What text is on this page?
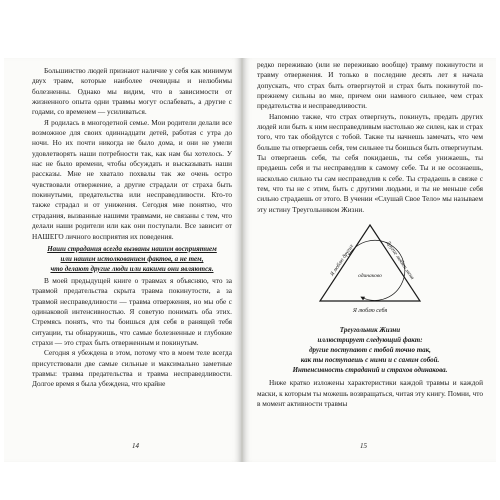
Большинство людей признают наличие у себя как минимум двух травм, которые наиболее очевидны и нелюбимы болезненны. Однако мы видим, что в зависимости от жизненного опыта одни травмы могут ослабевать, а другие с годами, со временем — усиливаться.

Я родилась в многодетной семье. Мои родители делали все возможное для своих одиннадцати детей, работая с утра до ночи. Но их почти никогда не было дома, и они не умели удовлетворять наши потребности так, как нам бы хотелось. У нас не было времени, чтобы обсуждать и высказывать наши рассказы. Мне не хватало похвалы так же очень остро чувствовали отвержение, а другие страдали от страха быть покинутыми, предательства или несправедливости. Кто-то также страдал и от унижения. Сегодня мне понятно, что страдания, вызванные нашими травмами, не связаны с тем, что делали наши родители или как они поступали. Все зависит от НАШЕГО личного восприятия их поведения.

Наши страдания всегда вызваны нашим восприятием
или нашим истолкованием фактов, а не тем,
что делают другие люди или какими они являются.

В моей предыдущей книге о травмах я объясняю, что за травмой предательства скрыта травма покинутости, а за травмой несправедливости — травма отвержения, но мы обе с одинаковой интенсивностью. Я советую понимать оба этих. Стремясь понять, что ты боишься для себя в ранящей тебя ситуации, ты обнаружишь, что самые болезненные и глубокие страхи — это страх быть отверженным и покинутым.

Сегодня я убеждена в этом, потому что в моем теле всегда присутствовали две самые сильные и максимально заметные травмы: травма предательства и травма несправедливости. Долгое время я была убеждена, что крайне

14

редко переживаю (или не переживаю вообще) травму покинутости и травму отвержения. И только в последние десять лет я начала допускать, что страх быть отвергнутой и страх быть покинутой по-прежнему сильны во мне, причем они намного сильнее, чем страх предательства и несправедливости.

Напомню также, что страх отвергнуть, покинуть, предать других людей или быть к ним несправедливым настолько же силен, как и страх того, что так обойдутся с тобой. Также ты начнешь замечать, что чем больше ты отвергаешь себя, тем сильнее ты боишься быть отвергнутым. Ты отвергаешь себя, ты себя покидаешь, ты себя унижаешь, ты предаешь себя и ты несправедлив к самому себе. Ты и не осознаешь, насколько сильно ты сам несправедлив к себе. Ты страдаешь в связке с тем, что ты не с этим, быть с другими людьми, и ты не меньше себя сильно страдаешь от этого. В учении «Слушай Свое Тело» мы называем эту истину Треугольником Жизни.

Я люблю других	Другие любят меня
одинаково
Я люблю себя
Треугольник Жизни
иллюстрирует следующий факт:
другие поступают с тобой точно так,
как ты поступаешь с ними и с самим собой.
Интенсивность страданий и страхов одинакова.

Ниже кратко изложены характеристики каждой травмы и каждой маски, к которым ты можешь возвращаться, читая эту книгу. Помни, что в момент активности травмы

15
